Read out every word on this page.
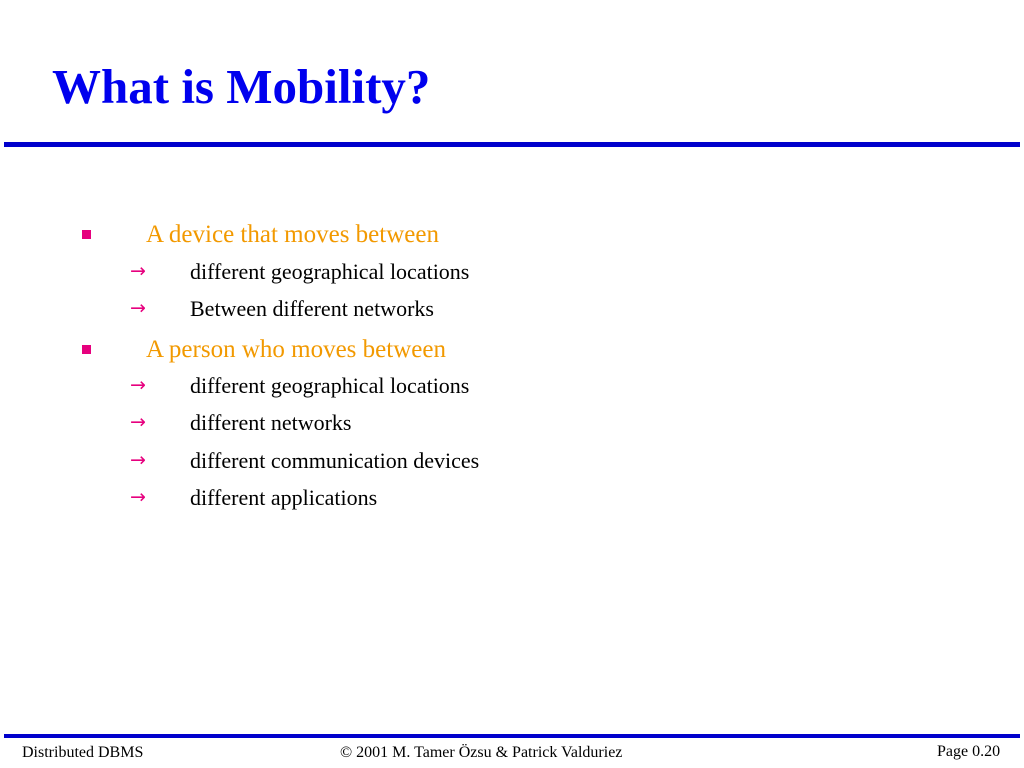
What is Mobility?
A device that moves between
→ different geographical locations
→ Between different networks
A person who moves between
→ different geographical locations
→ different networks
→ different communication devices
→ different applications
Distributed DBMS	© 2001 M. Tamer Özsu & Patrick Valduriez	Page 0.20
